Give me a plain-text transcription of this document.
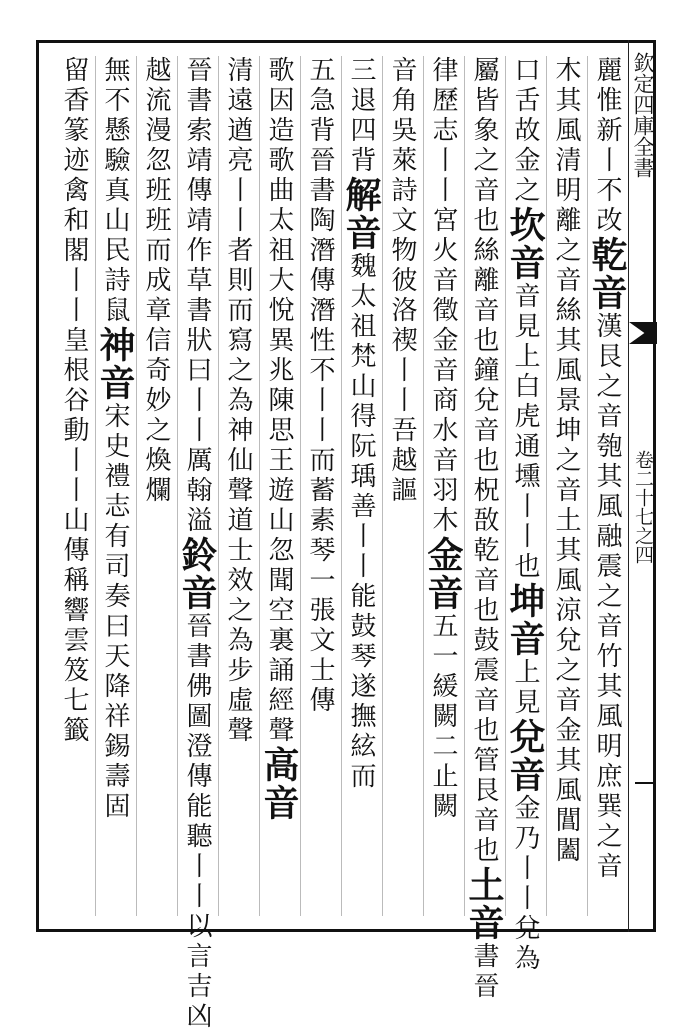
欽定四庫全書
卷二十七之四
麗惟新丨不改乾音漢艮之音匏其風融震之音竹其風明庶巽之音
木其風清明離之音絲其風景坤之音土其風涼兌之音金其風閶闔
口舌故金之坎音音見上白虎通壎丨丨也坤音上見兌音金乃丨丨兌為
屬皆象之音也絲離音也鐘兌音也柷敔乾音也鼓震音也管艮音也土音書晉
律歷志丨丨宮火音徵金音商水音羽木金音五一緩闕二止闕
音角吳萊詩文物彼洛禊丨丨吾越謳
三退四背解音魏太祖梵山得阮瑀善丨丨能鼓琴遂撫絃而
五急背晉書陶潛傳潛性不丨丨而蓄素琴一張文士傳
歌因造歌曲太祖大悅異兆陳思王遊山忽聞空裏誦經聲高音
清遠遒亮丨丨者則而寫之為神仙聲道士效之為步虛聲
晉書索靖傳靖作草書狀曰丨丨厲翰溢鈴音晉書佛圖澄傳能聽丨丨以言吉凶
越流漫忽班班而成章信奇妙之煥爛
無不懸驗真山民詩鼠神音宋史禮志有司奏曰天降祥錫壽固
留香篆迹禽和閣丨丨皇根谷動丨丨山傳稱響雲笈七籤
